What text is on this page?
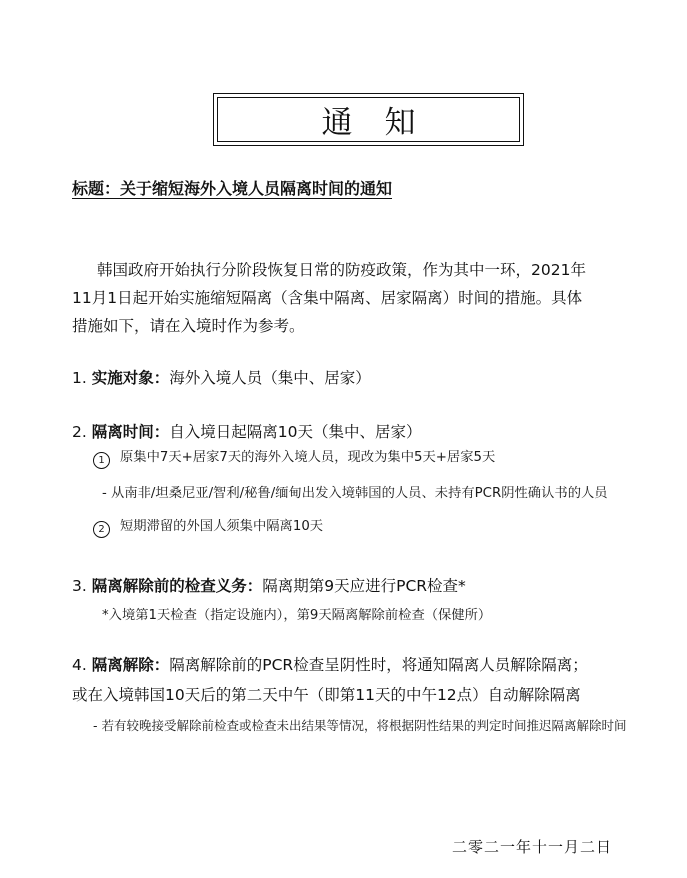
通知
标题：关于缩短海外入境人员隔离时间的通知
韩国政府开始执行分阶段恢复日常的防疫政策，作为其中一环，2021年
11月1日起开始实施缩短隔离（含集中隔离、居家隔离）时间的措施。具体
措施如下，请在入境时作为参考。
1. 实施对象：海外入境人员（集中、居家）
2. 隔离时间：自入境日起隔离10天（集中、居家）
1 原集中7天+居家7天的海外入境人员，现改为集中5天+居家5天
- 从南非/坦桑尼亚/智利/秘鲁/缅甸出发入境韩国的人员、未持有PCR阴性确认书的人员
2 短期滞留的外国人须集中隔离10天
3. 隔离解除前的检查义务：隔离期第9天应进行PCR检查*
*入境第1天检查（指定设施内），第9天隔离解除前检查（保健所）
4. 隔离解除：隔离解除前的PCR检查呈阴性时，将通知隔离人员解除隔离；
或在入境韩国10天后的第二天中午（即第11天的中午12点）自动解除隔离
- 若有较晚接受解除前检查或检查未出结果等情况，将根据阴性结果的判定时间推迟隔离解除时间
二零二一年十一月二日
